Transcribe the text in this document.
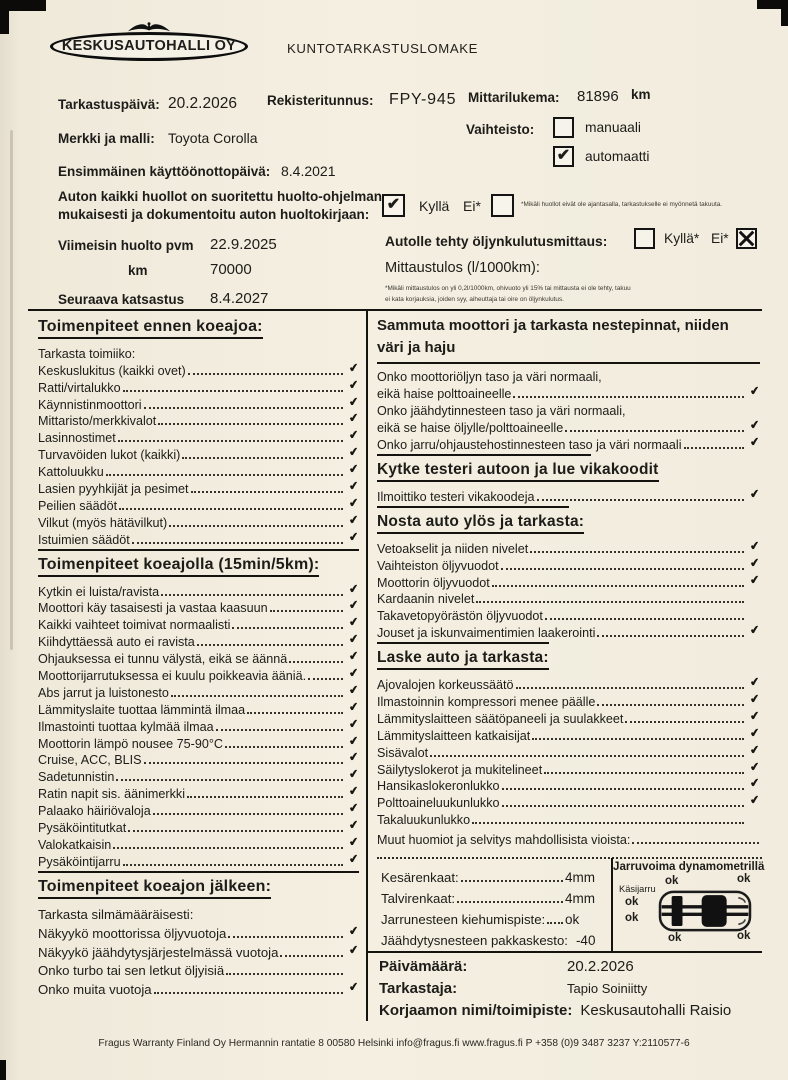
KESKUSAUTOHALLI OY	KUNTOTARKASTUSLOMAKE
Tarkastuspäivä: 20.2.2026 Rekisteritunnus: FPY-945 Mittarilukema: 81896 km
Merkki ja malli: Toyota Corolla
Vaihteisto:	manuaali
✔ automaatti
Ensimmäinen käyttöönottopäivä: 8.4.2021
Auton kaikki huollot on suoritettu huolto-ohjelman
mukaisesti ja dokumentoitu auton huoltokirjaan:
✔ Kyllä Ei*	*Mikäli huollot eivät ole ajantasalla, tarkastukselle ei myönnetä takuuta.
Viimeisin huolto pvm 22.9.2025	Autolle tehty öljynkulutusmittaus:	Kyllä* Ei*
km	70000	Mittaustulos (l/1000km):
*Mikäli mittaustulos on yli 0,2l/1000km, ohivuoto yli 15% tai mittausta ei ole tehty, takuu
ei kata korjauksia, joiden syy, aiheuttaja tai oire on öljynkulutus.
Seuraava katsastus 8.4.2027
Toimenpiteet ennen koeajoa:
Tarkasta toimiiko:
Keskuslukitus (kaikki ovet)	✔
Ratti/virtalukko	✔
Käynnistinmoottori	✔
Mittaristo/merkkivalot	✔
Lasinnostimet	✔
Turvavöiden lukot (kaikki)	✔
Kattoluukku	✔
Lasien pyyhkijät ja pesimet	✔
Peilien säädöt	✔
Vilkut (myös hätävilkut)	✔
Istuimien säädöt	✔
Toimenpiteet koeajolla (15min/5km):
Kytkin ei luista/ravista	✔
Moottori käy tasaisesti ja vastaa kaasuun	✔
Kaikki vaihteet toimivat normaalisti	✔
Kiihdyttäessä auto ei ravista	✔
Ohjauksessa ei tunnu välystä, eikä se äännä	✔
Moottorijarrutuksessa ei kuulu poikkeavia ääniä.	✔
Abs jarrut ja luistonesto	✔
Lämmityslaite tuottaa lämmintä ilmaa	✔
Ilmastointi tuottaa kylmää ilmaa	✔
Moottorin lämpö nousee 75-90°C	✔
Cruise, ACC, BLIS	✔
Sadetunnistin	✔
Ratin napit sis. äänimerkki	✔
Palaako häiriövaloja	✔
Pysäköintitutkat	✔
Valokatkaisin	✔
Pysäköintijarru	✔
Toimenpiteet koeajon jälkeen:
Tarkasta silmämääräisesti:
Näkyykö moottorissa öljyvuotoja	✔
Näkyykö jäähdytysjärjestelmässä vuotoja	✔
Onko turbo tai sen letkut öljyisiä
Onko muita vuotoja	✔
Sammuta moottori ja tarkasta nestepinnat, niiden
väri ja haju
Onko moottoriöljyn taso ja väri normaali,
eikä haise polttoaineelle	✔
Onko jäähdytinnesteen taso ja väri normaali,
eikä se haise öljylle/polttoaineelle	✔
Onko jarru/ohjaustehostinnesteen taso ja väri normaali	✔
Kytke testeri autoon ja lue vikakoodit
Ilmoittiko testeri vikakoodeja	✔
Nosta auto ylös ja tarkasta:
Vetoakselit ja niiden nivelet	✔
Vaihteiston öljyvuodot	✔
Moottorin öljyvuodot	✔
Kardaanin nivelet
Takavetopyörästön öljyvuodot
Jouset ja iskunvaimentimien laakerointi	✔
Laske auto ja tarkasta:
Ajovalojen korkeussäätö	✔
Ilmastoinnin kompressori menee päälle	✔
Lämmityslaitteen säätöpaneeli ja suulakkeet	✔
Lämmityslaitteen katkaisijat	✔
Sisävalot	✔
Säilytyslokerot ja mukitelineet	✔
Hansikaslokeronlukko	✔
Polttoaineluukunlukko	✔
Takaluukunlukko
Muut huomiot ja selvitys mahdollisista vioista:
Kesärenkaat:	4mm
Talvirenkaat:	4mm
Jarrunesteen kiehumispiste: ok
Jäähdytysnesteen pakkaskesto: -40
Jarruvoima dynamometrillä
Käsijarru
ok
ok
ok	ok
ok	ok
Päivämäärä:	20.2.2026
Tarkastaja:	Tapio Soiniitty
Korjaamon nimi/toimipiste: Keskusautohalli Raisio
Fragus Warranty Finland Oy Hermannin rantatie 8 00580 Helsinki info@fragus.fi www.fragus.fi P +358 (0)9 3487 3237 Y:2110577-6
